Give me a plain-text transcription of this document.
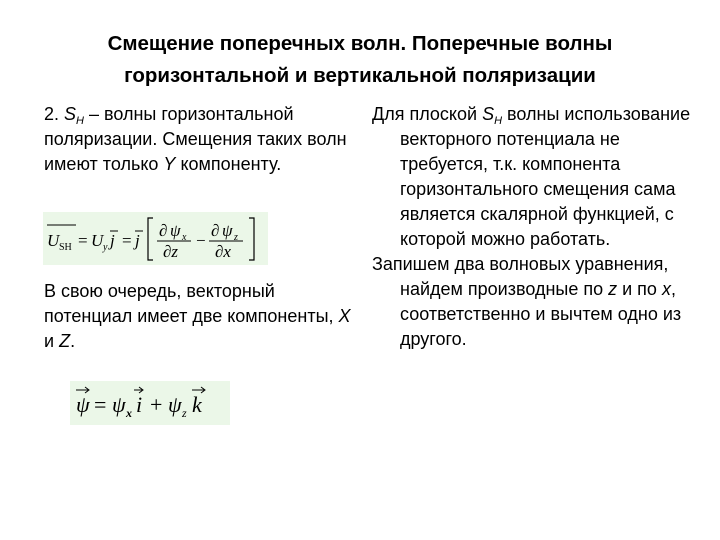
Смещение поперечных волн. Поперечные волны
горизонтальной и вертикальной поляризации

2. $S_H$ – волны горизонтальной поляризации. Смещения таких волн имеют только Y компоненту.

U SH = U y j = j
∂ ψ x
∂z
−
∂ ψ z
∂x

В свою очередь, векторный потенциал имеет две компоненты, X и Z.

ψ = ψ x i + ψ z k

Для плоской $S_H$ волны использование векторного потенциала не требуется, т.к. компонента горизонтального смещения сама является скалярной функцией, с которой можно работать.

Запишем два волновых уравнения, найдем производные по z и по x, соответственно и вычтем одно из другого.
